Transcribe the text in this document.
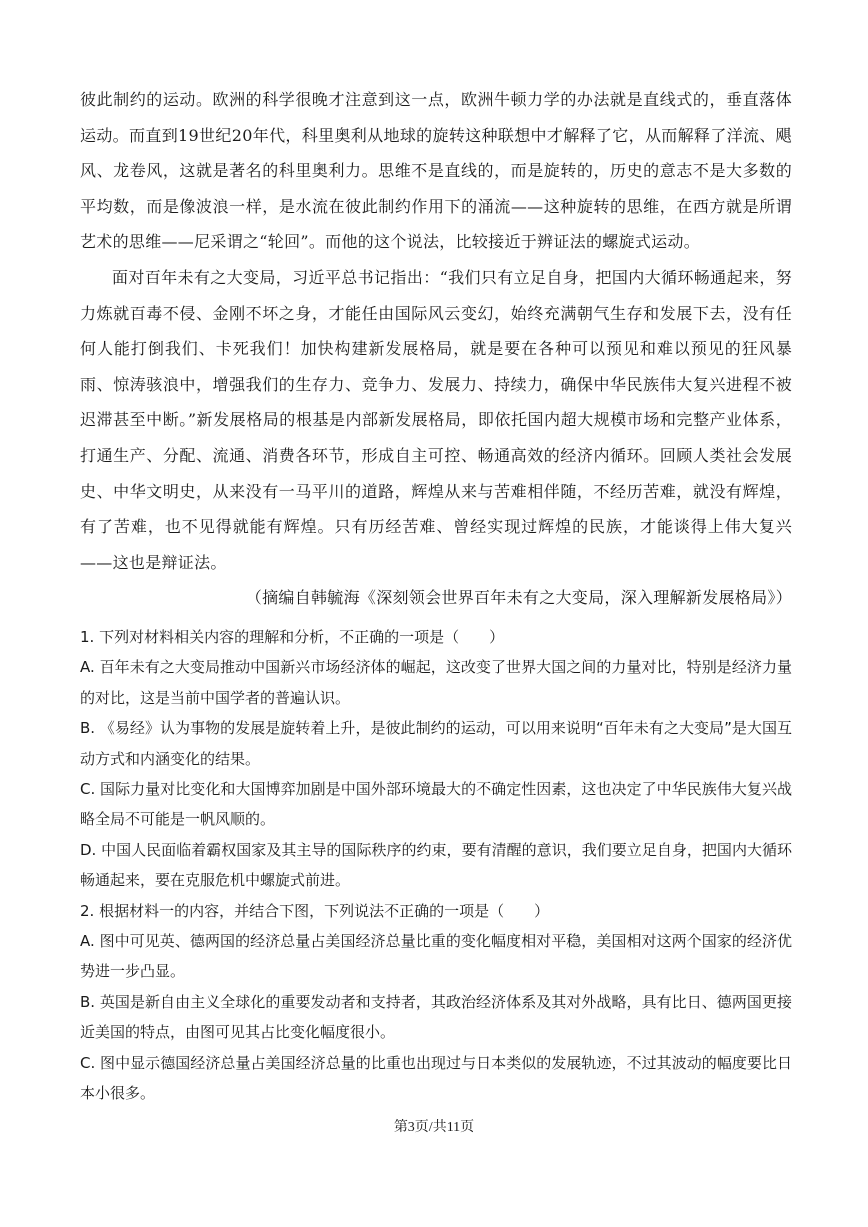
彼此制约的运动。欧洲的科学很晚才注意到这一点，欧洲牛顿力学的办法就是直线式的，垂直落体运动。而直到19世纪20年代，科里奥利从地球的旋转这种联想中才解释了它，从而解释了洋流、飓风、龙卷风，这就是著名的科里奥利力。思维不是直线的，而是旋转的，历史的意志不是大多数的平均数，而是像波浪一样，是水流在彼此制约作用下的涌流——这种旋转的思维，在西方就是所谓艺术的思维——尼采谓之“轮回”。而他的这个说法，比较接近于辨证法的螺旋式运动。

面对百年未有之大变局，习近平总书记指出：“我们只有立足自身，把国内大循环畅通起来，努力炼就百毒不侵、金刚不坏之身，才能任由国际风云变幻，始终充满朝气生存和发展下去，没有任何人能打倒我们、卡死我们！加快构建新发展格局，就是要在各种可以预见和难以预见的狂风暴雨、惊涛骇浪中，增强我们的生存力、竞争力、发展力、持续力，确保中华民族伟大复兴进程不被迟滞甚至中断。”新发展格局的根基是内部新发展格局，即依托国内超大规模市场和完整产业体系，打通生产、分配、流通、消费各环节，形成自主可控、畅通高效的经济内循环。回顾人类社会发展史、中华文明史，从来没有一马平川的道路，辉煌从来与苦难相伴随，不经历苦难，就没有辉煌，有了苦难，也不见得就能有辉煌。只有历经苦难、曾经实现过辉煌的民族，才能谈得上伟大复兴——这也是辩证法。

（摘编自韩毓海《深刻领会世界百年未有之大变局，深入理解新发展格局》）

1. 下列对材料相关内容的理解和分析，不正确的一项是（　　）

A. 百年未有之大变局推动中国新兴市场经济体的崛起，这改变了世界大国之间的力量对比，特别是经济力量的对比，这是当前中国学者的普遍认识。

B. 《易经》认为事物的发展是旋转着上升，是彼此制约的运动，可以用来说明“百年未有之大变局”是大国互动方式和内涵变化的结果。

C. 国际力量对比变化和大国博弈加剧是中国外部环境最大的不确定性因素，这也决定了中华民族伟大复兴战略全局不可能是一帆风顺的。

D. 中国人民面临着霸权国家及其主导的国际秩序的约束，要有清醒的意识，我们要立足自身，把国内大循环畅通起来，要在克服危机中螺旋式前进。

2. 根据材料一的内容，并结合下图，下列说法不正确的一项是（　　）

A. 图中可见英、德两国的经济总量占美国经济总量比重的变化幅度相对平稳，美国相对这两个国家的经济优势进一步凸显。

B. 英国是新自由主义全球化的重要发动者和支持者，其政治经济体系及其对外战略，具有比日、德两国更接近美国的特点，由图可见其占比变化幅度很小。

C. 图中显示德国经济总量占美国经济总量的比重也出现过与日本类似的发展轨迹，不过其波动的幅度要比日本小很多。

第3页/共11页
